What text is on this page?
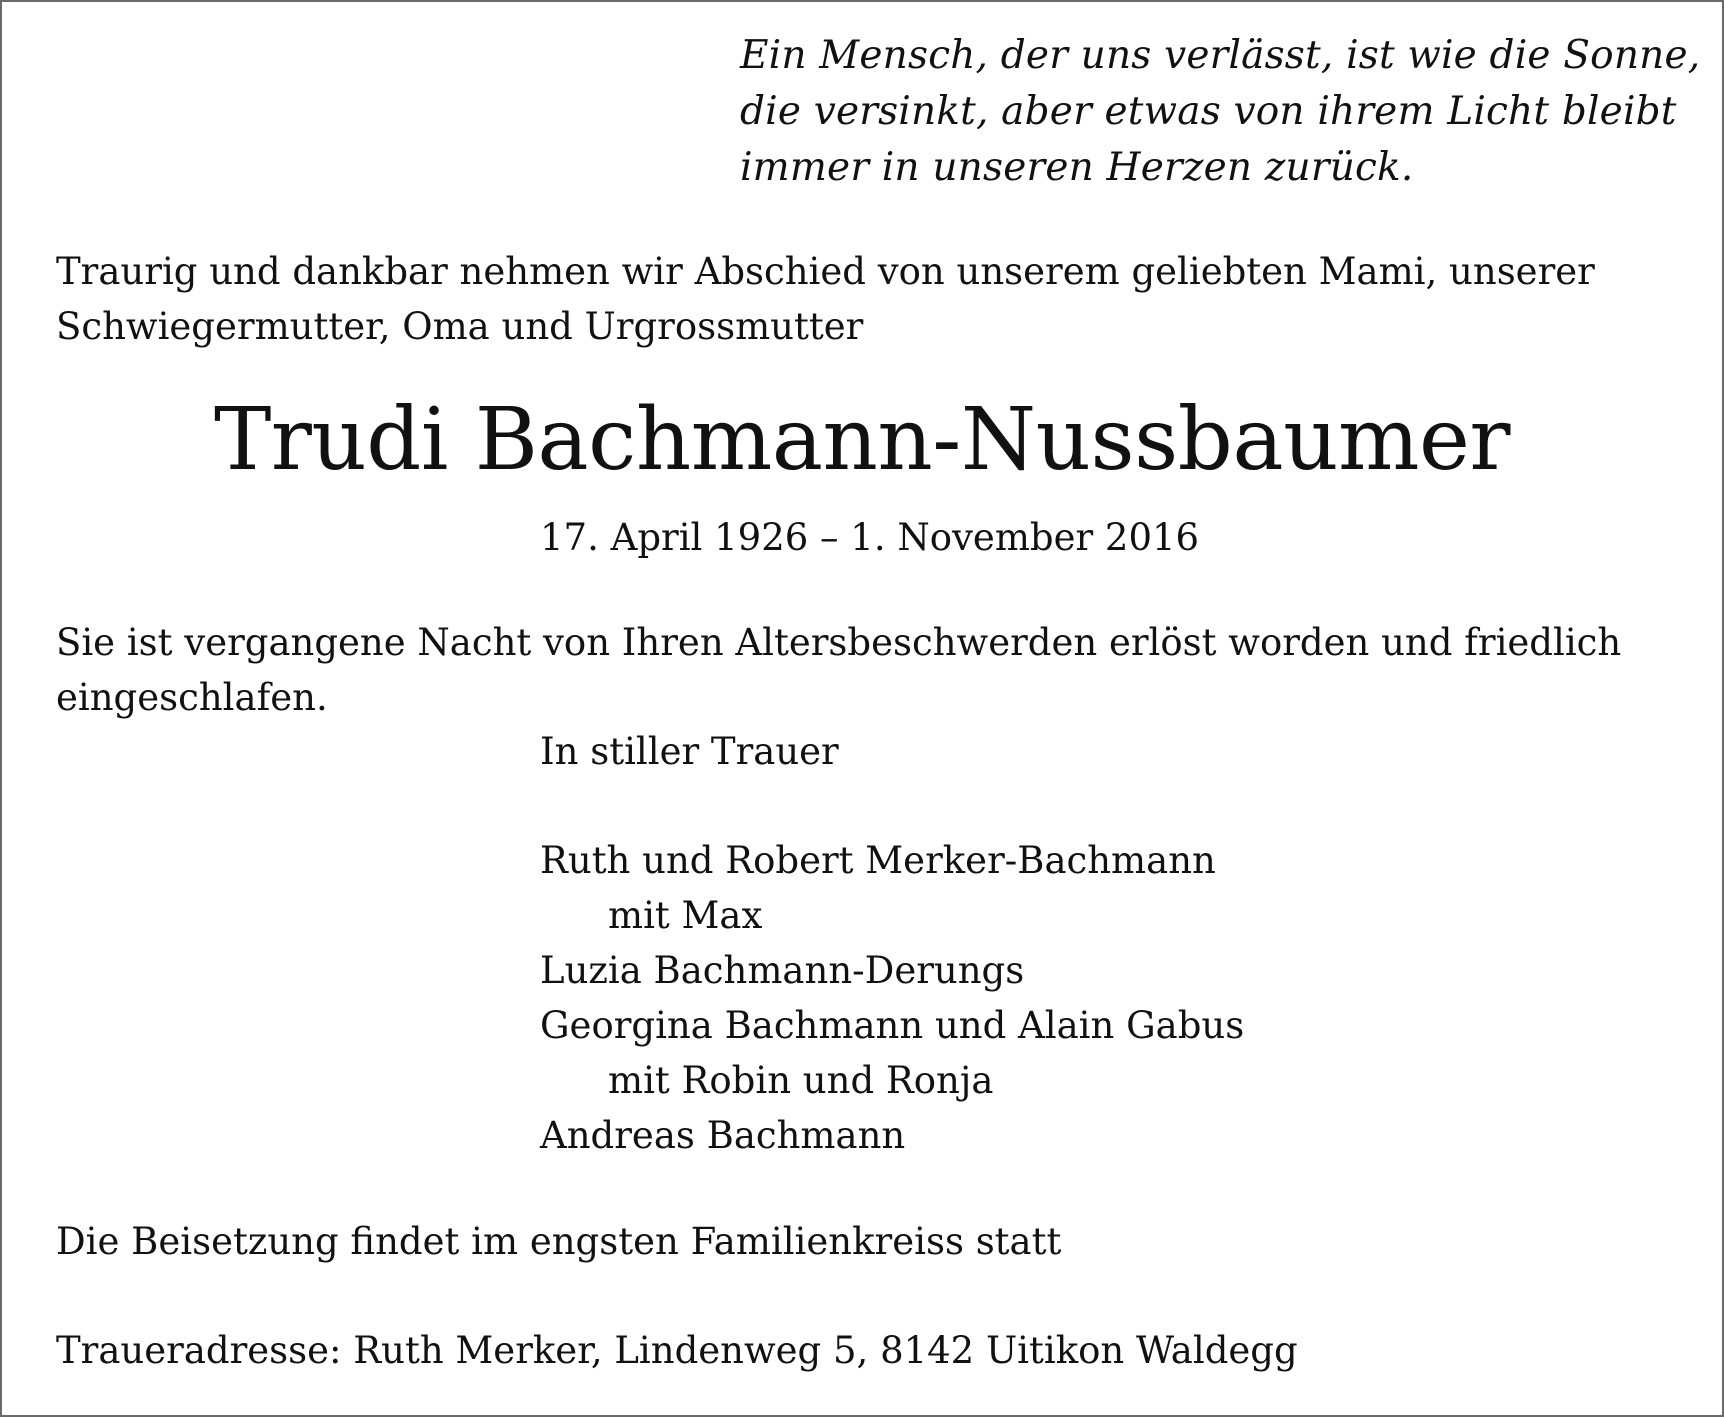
Ein Mensch, der uns verlässt, ist wie die Sonne,
die versinkt, aber etwas von ihrem Licht bleibt
immer in unseren Herzen zurück.
Traurig und dankbar nehmen wir Abschied von unserem geliebten Mami, unserer
Schwiegermutter, Oma und Urgrossmutter
Trudi Bachmann-Nussbaumer
17. April 1926 – 1. November 2016
Sie ist vergangene Nacht von Ihren Altersbeschwerden erlöst worden und friedlich
eingeschlafen.
In stiller Trauer
Ruth und Robert Merker-Bachmann
mit Max
Luzia Bachmann-Derungs
Georgina Bachmann und Alain Gabus
mit Robin und Ronja
Andreas Bachmann
Die Beisetzung findet im engsten Familienkreiss statt
Traueradresse: Ruth Merker, Lindenweg 5, 8142 Uitikon Waldegg
